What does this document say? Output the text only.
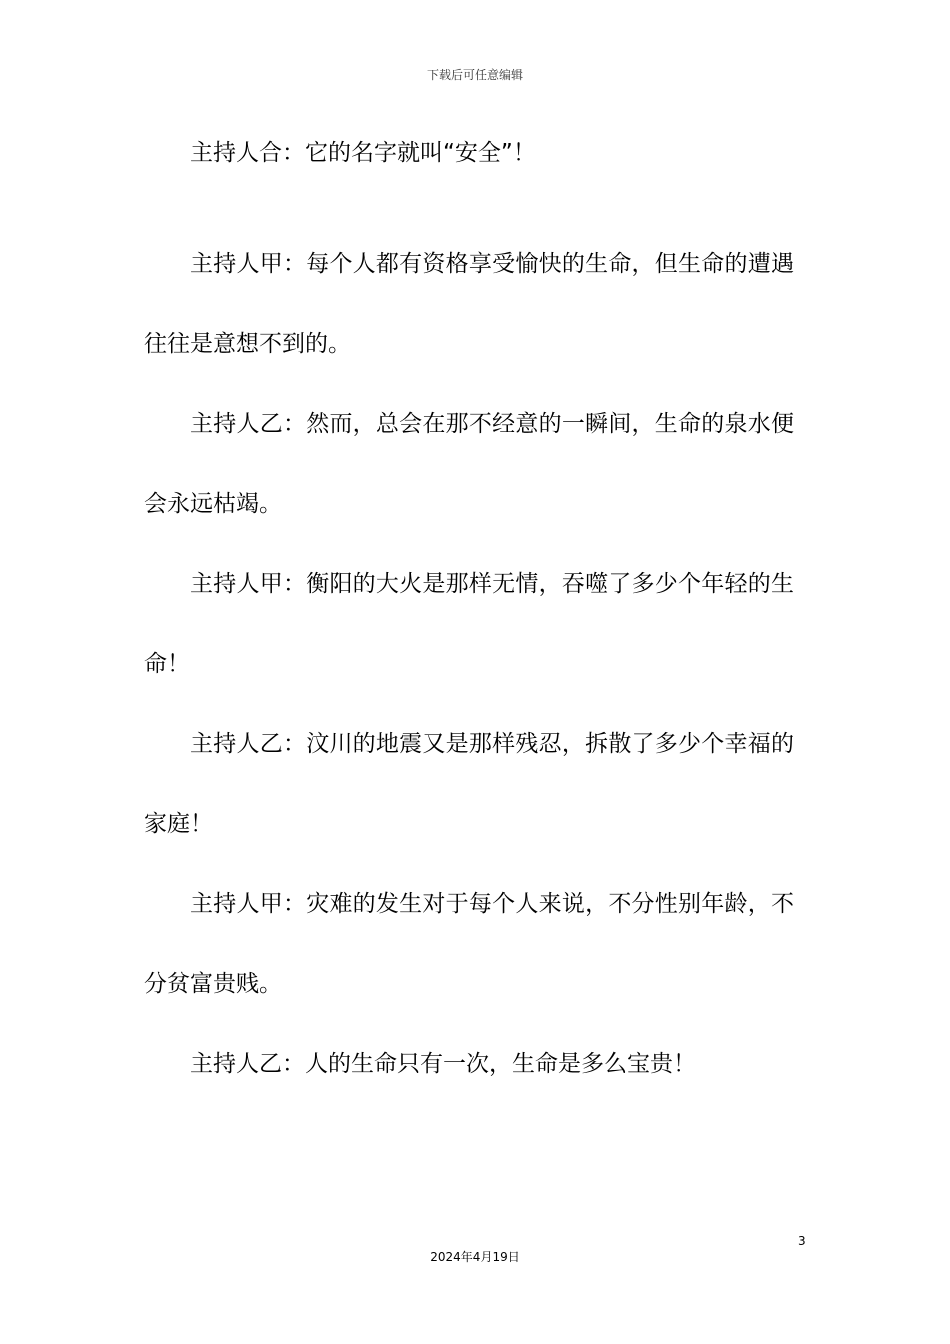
下载后可任意编辑

主持人合：它的名字就叫“安全”！

主持人甲：每个人都有资格享受愉快的生命，但生命的遭遇往往是意想不到的。

主持人乙：然而，总会在那不经意的一瞬间，生命的泉水便会永远枯竭。

主持人甲：衡阳的大火是那样无情，吞噬了多少个年轻的生命！

主持人乙：汶川的地震又是那样残忍，拆散了多少个幸福的家庭！

主持人甲：灾难的发生对于每个人来说，不分性别年龄，不分贫富贵贱。

主持人乙：人的生命只有一次，生命是多么宝贵！

3
2024年4月19日
